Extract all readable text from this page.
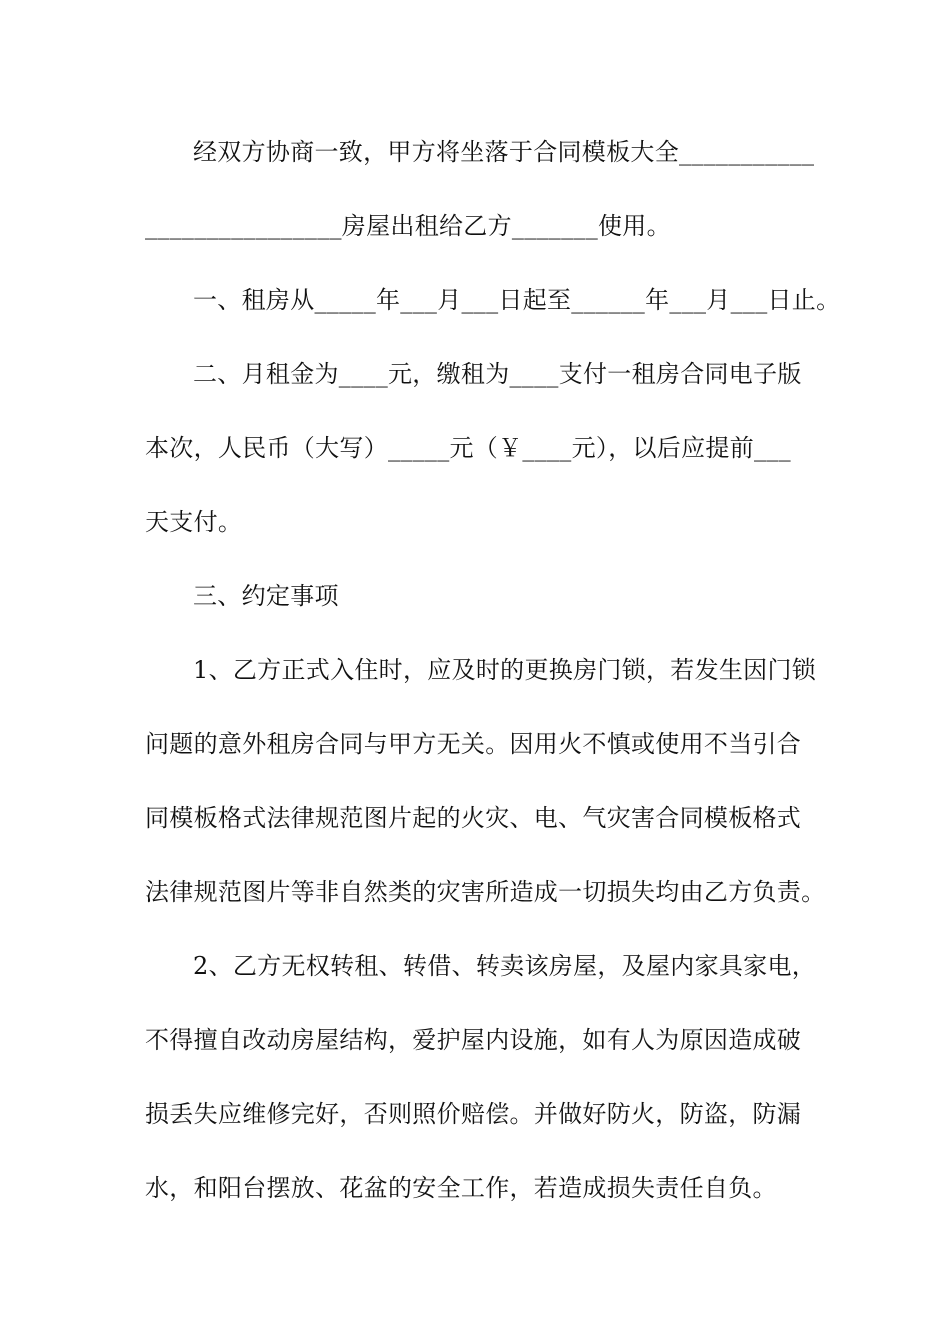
经双方协商一致，甲方将坐落于合同模板大全___________
________________房屋出租给乙方_______使用。
一、租房从_____年___月___日起至______年___月___日止。
二、月租金为____元，缴租为____支付一租房合同电子版
本次，人民币（大写）_____元（￥____元），以后应提前___
天支付。
三、约定事项
1、乙方正式入住时，应及时的更换房门锁，若发生因门锁
问题的意外租房合同与甲方无关。因用火不慎或使用不当引合
同模板格式法律规范图片起的火灾、电、气灾害合同模板格式
法律规范图片等非自然类的灾害所造成一切损失均由乙方负责。
2、乙方无权转租、转借、转卖该房屋，及屋内家具家电，
不得擅自改动房屋结构，爱护屋内设施，如有人为原因造成破
损丢失应维修完好，否则照价赔偿。并做好防火，防盗，防漏
水，和阳台摆放、花盆的安全工作，若造成损失责任自负。
